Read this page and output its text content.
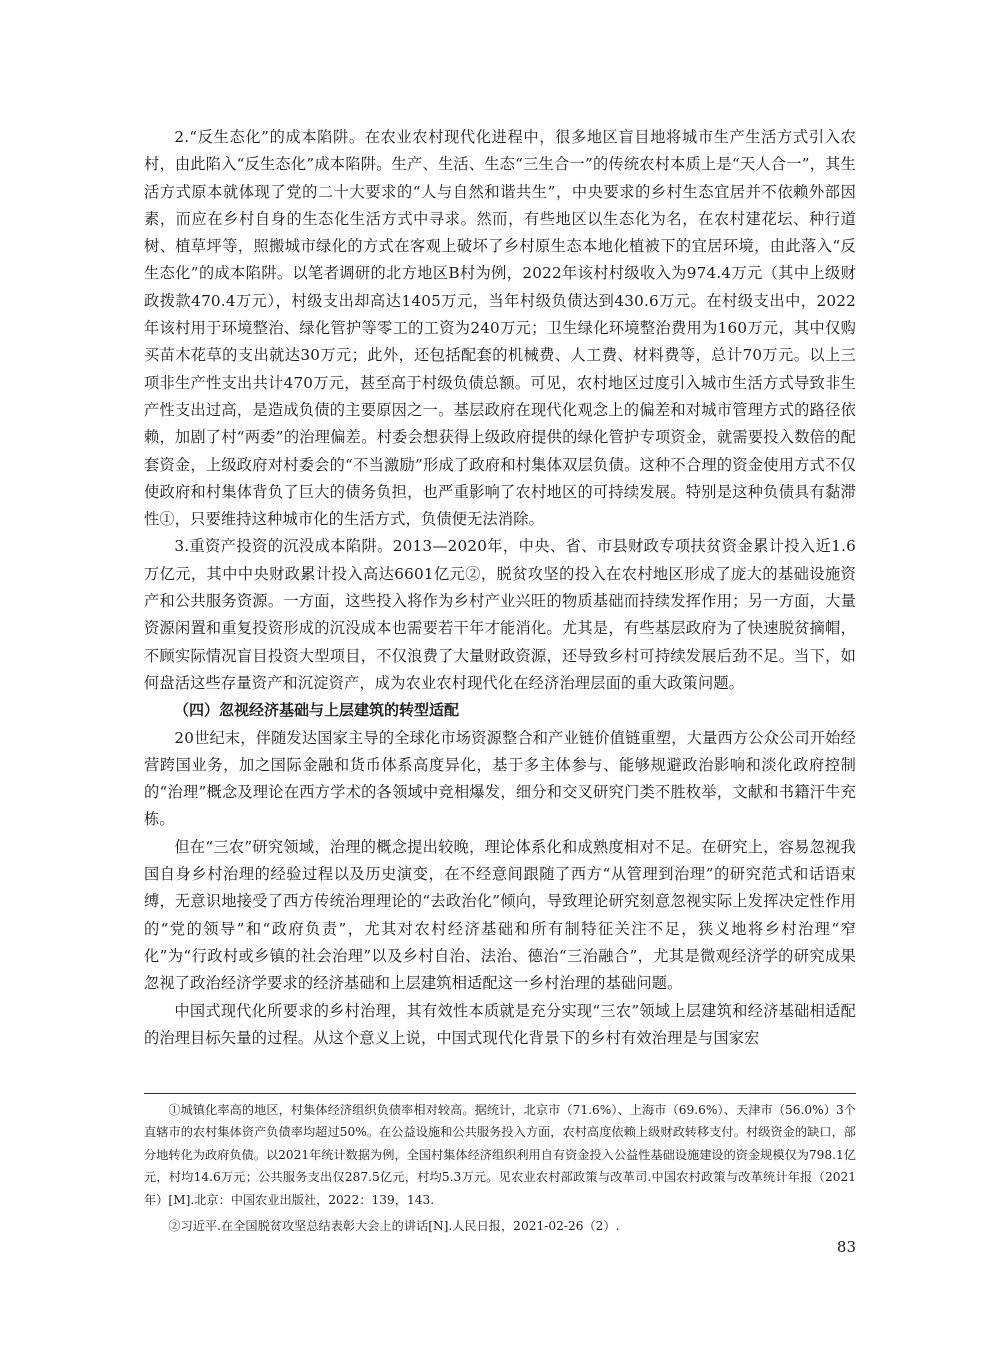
2.“反生态化”的成本陷阱。在农业农村现代化进程中，很多地区盲目地将城市生产生活方式引入农村，由此陷入“反生态化”成本陷阱。生产、生活、生态“三生合一”的传统农村本质上是“天人合一”，其生活方式原本就体现了党的二十大要求的“人与自然和谐共生”，中央要求的乡村生态宜居并不依赖外部因素，而应在乡村自身的生态化生活方式中寻求。然而，有些地区以生态化为名，在农村建花坛、种行道树、植草坪等，照搬城市绿化的方式在客观上破坏了乡村原生态本地化植被下的宜居环境，由此落入“反生态化”的成本陷阱。以笔者调研的北方地区B村为例，2022年该村村级收入为974.4万元（其中上级财政拨款470.4万元），村级支出却高达1405万元，当年村级负债达到430.6万元。在村级支出中，2022年该村用于环境整治、绿化管护等零工的工资为240万元；卫生绿化环境整治费用为160万元，其中仅购买苗木花草的支出就达30万元；此外，还包括配套的机械费、人工费、材料费等，总计70万元。以上三项非生产性支出共计470万元，甚至高于村级负债总额。可见，农村地区过度引入城市生活方式导致非生产性支出过高，是造成负债的主要原因之一。基层政府在现代化观念上的偏差和对城市管理方式的路径依赖，加剧了村“两委”的治理偏差。村委会想获得上级政府提供的绿化管护专项资金，就需要投入数倍的配套资金，上级政府对村委会的“不当激励”形成了政府和村集体双层负债。这种不合理的资金使用方式不仅使政府和村集体背负了巨大的债务负担，也严重影响了农村地区的可持续发展。特别是这种负债具有黏滞性①，只要维持这种城市化的生活方式，负债便无法消除。

3.重资产投资的沉没成本陷阱。2013—2020年，中央、省、市县财政专项扶贫资金累计投入近1.6万亿元，其中中央财政累计投入高达6601亿元②，脱贫攻坚的投入在农村地区形成了庞大的基础设施资产和公共服务资源。一方面，这些投入将作为乡村产业兴旺的物质基础而持续发挥作用；另一方面，大量资源闲置和重复投资形成的沉没成本也需要若干年才能消化。尤其是，有些基层政府为了快速脱贫摘帽，不顾实际情况盲目投资大型项目，不仅浪费了大量财政资源，还导致乡村可持续发展后劲不足。当下，如何盘活这些存量资产和沉淀资产，成为农业农村现代化在经济治理层面的重大政策问题。

（四）忽视经济基础与上层建筑的转型适配

20世纪末，伴随发达国家主导的全球化市场资源整合和产业链价值链重塑，大量西方公众公司开始经营跨国业务，加之国际金融和货币体系高度异化，基于多主体参与、能够规避政治影响和淡化政府控制的“治理”概念及理论在西方学术的各领域中竞相爆发，细分和交叉研究门类不胜枚举，文献和书籍汗牛充栋。

但在“三农”研究领域，治理的概念提出较晚，理论体系化和成熟度相对不足。在研究上，容易忽视我国自身乡村治理的经验过程以及历史演变，在不经意间跟随了西方“从管理到治理”的研究范式和话语束缚，无意识地接受了西方传统治理理论的“去政治化”倾向，导致理论研究刻意忽视实际上发挥决定性作用的“党的领导”和“政府负责”，尤其对农村经济基础和所有制特征关注不足，狭义地将乡村治理“窄化”为“行政村或乡镇的社会治理”以及乡村自治、法治、德治“三治融合”，尤其是微观经济学的研究成果忽视了政治经济学要求的经济基础和上层建筑相适配这一乡村治理的基础问题。

中国式现代化所要求的乡村治理，其有效性本质就是充分实现“三农”领域上层建筑和经济基础相适配的治理目标矢量的过程。从这个意义上说，中国式现代化背景下的乡村有效治理是与国家宏

①城镇化率高的地区，村集体经济组织负债率相对较高。据统计，北京市（71.6%）、上海市（69.6%）、天津市（56.0%）3个直辖市的农村集体资产负债率均超过50%。在公益设施和公共服务投入方面，农村高度依赖上级财政转移支付。村级资金的缺口，部分地转化为政府负债。以2021年统计数据为例，全国村集体经济组织利用自有资金投入公益性基础设施建设的资金规模仅为798.1亿元，村均14.6万元；公共服务支出仅287.5亿元，村均5.3万元。见农业农村部政策与改革司.中国农村政策与改革统计年报（2021年）[M].北京：中国农业出版社，2022：139，143.

②习近平.在全国脱贫攻坚总结表彰大会上的讲话[N].人民日报，2021-02-26（2）.

83
